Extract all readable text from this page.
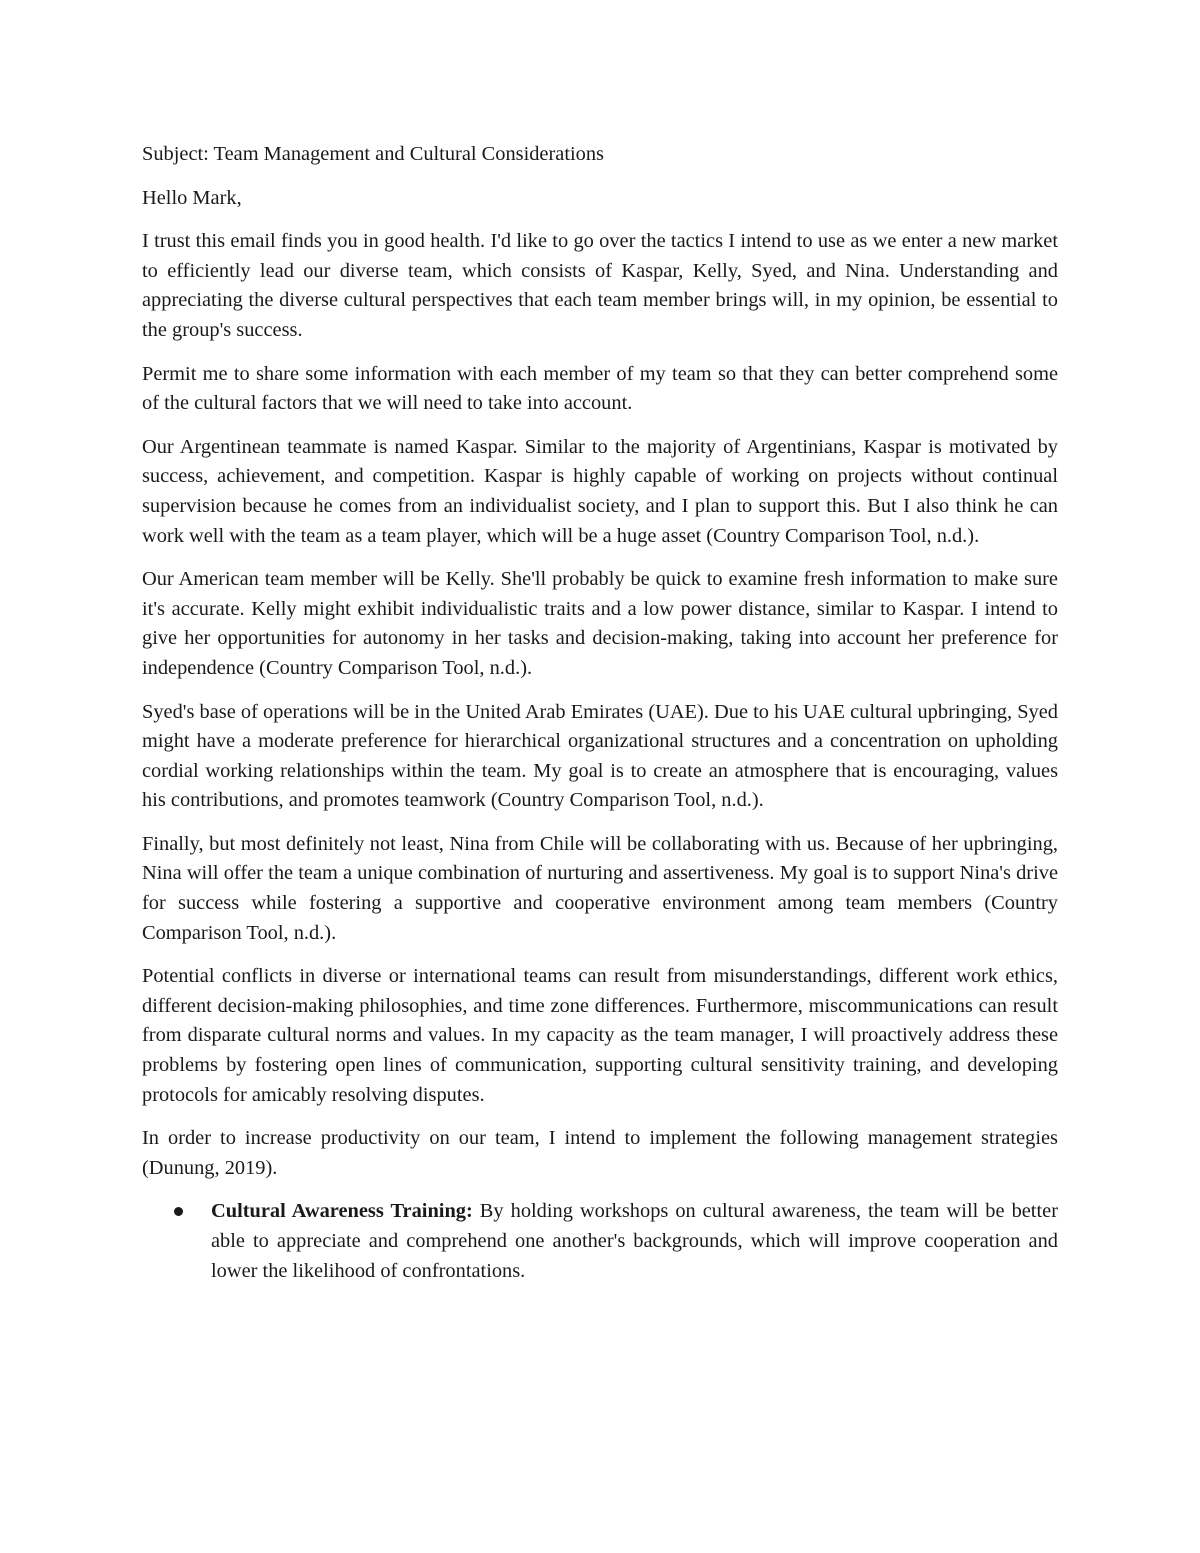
Subject: Team Management and Cultural Considerations

Hello Mark,

I trust this email finds you in good health. I'd like to go over the tactics I intend to use as we enter a new market to efficiently lead our diverse team, which consists of Kaspar, Kelly, Syed, and Nina. Understanding and appreciating the diverse cultural perspectives that each team member brings will, in my opinion, be essential to the group's success.

Permit me to share some information with each member of my team so that they can better comprehend some of the cultural factors that we will need to take into account.

Our Argentinean teammate is named Kaspar. Similar to the majority of Argentinians, Kaspar is motivated by success, achievement, and competition. Kaspar is highly capable of working on projects without continual supervision because he comes from an individualist society, and I plan to support this. But I also think he can work well with the team as a team player, which will be a huge asset (Country Comparison Tool, n.d.).

Our American team member will be Kelly. She'll probably be quick to examine fresh information to make sure it's accurate. Kelly might exhibit individualistic traits and a low power distance, similar to Kaspar. I intend to give her opportunities for autonomy in her tasks and decision-making, taking into account her preference for independence (Country Comparison Tool, n.d.).

Syed's base of operations will be in the United Arab Emirates (UAE). Due to his UAE cultural upbringing, Syed might have a moderate preference for hierarchical organizational structures and a concentration on upholding cordial working relationships within the team. My goal is to create an atmosphere that is encouraging, values his contributions, and promotes teamwork (Country Comparison Tool, n.d.).

Finally, but most definitely not least, Nina from Chile will be collaborating with us. Because of her upbringing, Nina will offer the team a unique combination of nurturing and assertiveness. My goal is to support Nina's drive for success while fostering a supportive and cooperative environment among team members (Country Comparison Tool, n.d.).

Potential conflicts in diverse or international teams can result from misunderstandings, different work ethics, different decision-making philosophies, and time zone differences. Furthermore, miscommunications can result from disparate cultural norms and values. In my capacity as the team manager, I will proactively address these problems by fostering open lines of communication, supporting cultural sensitivity training, and developing protocols for amicably resolving disputes.

In order to increase productivity on our team, I intend to implement the following management strategies (Dunung, 2019).

Cultural Awareness Training: By holding workshops on cultural awareness, the team will be better able to appreciate and comprehend one another's backgrounds, which will improve cooperation and lower the likelihood of confrontations.
